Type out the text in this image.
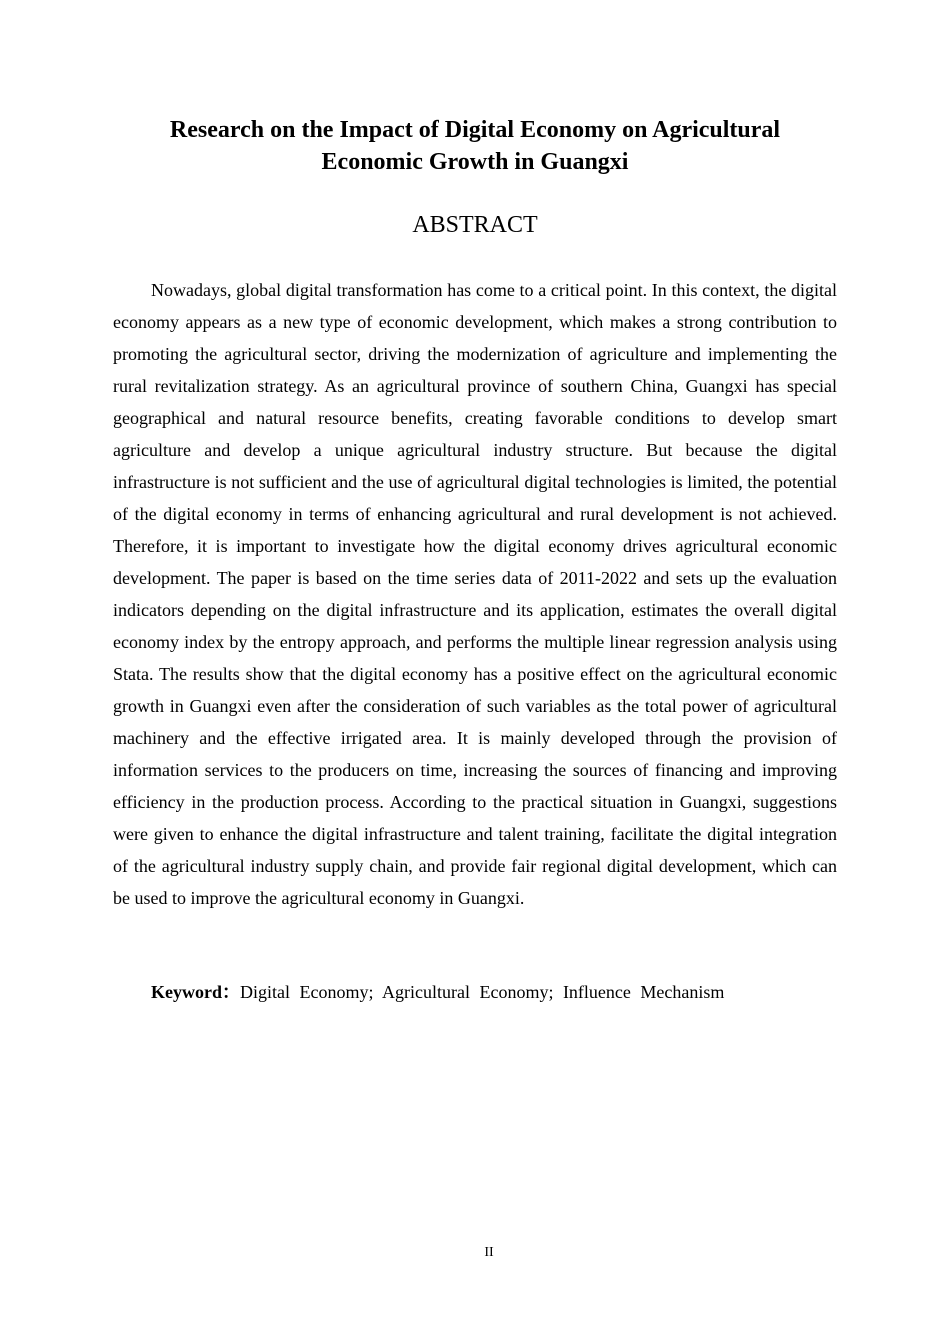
Research on the Impact of Digital Economy on Agricultural
Economic Growth in Guangxi
ABSTRACT

Nowadays, global digital transformation has come to a critical point. In this context, the digital economy appears as a new type of economic development, which makes a strong contribution to promoting the agricultural sector, driving the modernization of agriculture and implementing the rural revitalization strategy. As an agricultural province of southern China, Guangxi has special geographical and natural resource benefits, creating favorable conditions to develop smart agriculture and develop a unique agricultural industry structure. But because the digital infrastructure is not sufficient and the use of agricultural digital technologies is limited, the potential of the digital economy in terms of enhancing agricultural and rural development is not achieved. Therefore, it is important to investigate how the digital economy drives agricultural economic development. The paper is based on the time series data of 2011-2022 and sets up the evaluation indicators depending on the digital infrastructure and its application, estimates the overall digital economy index by the entropy approach, and performs the multiple linear regression analysis using Stata. The results show that the digital economy has a positive effect on the agricultural economic growth in Guangxi even after the consideration of such variables as the total power of agricultural machinery and the effective irrigated area. It is mainly developed through the provision of information services to the producers on time, increasing the sources of financing and improving efficiency in the production process. According to the practical situation in Guangxi, suggestions were given to enhance the digital infrastructure and talent training, facilitate the digital integration of the agricultural industry supply chain, and provide fair regional digital development, which can be used to improve the agricultural economy in Guangxi.

Keyword：Digital Economy; Agricultural Economy; Influence Mechanism

II
